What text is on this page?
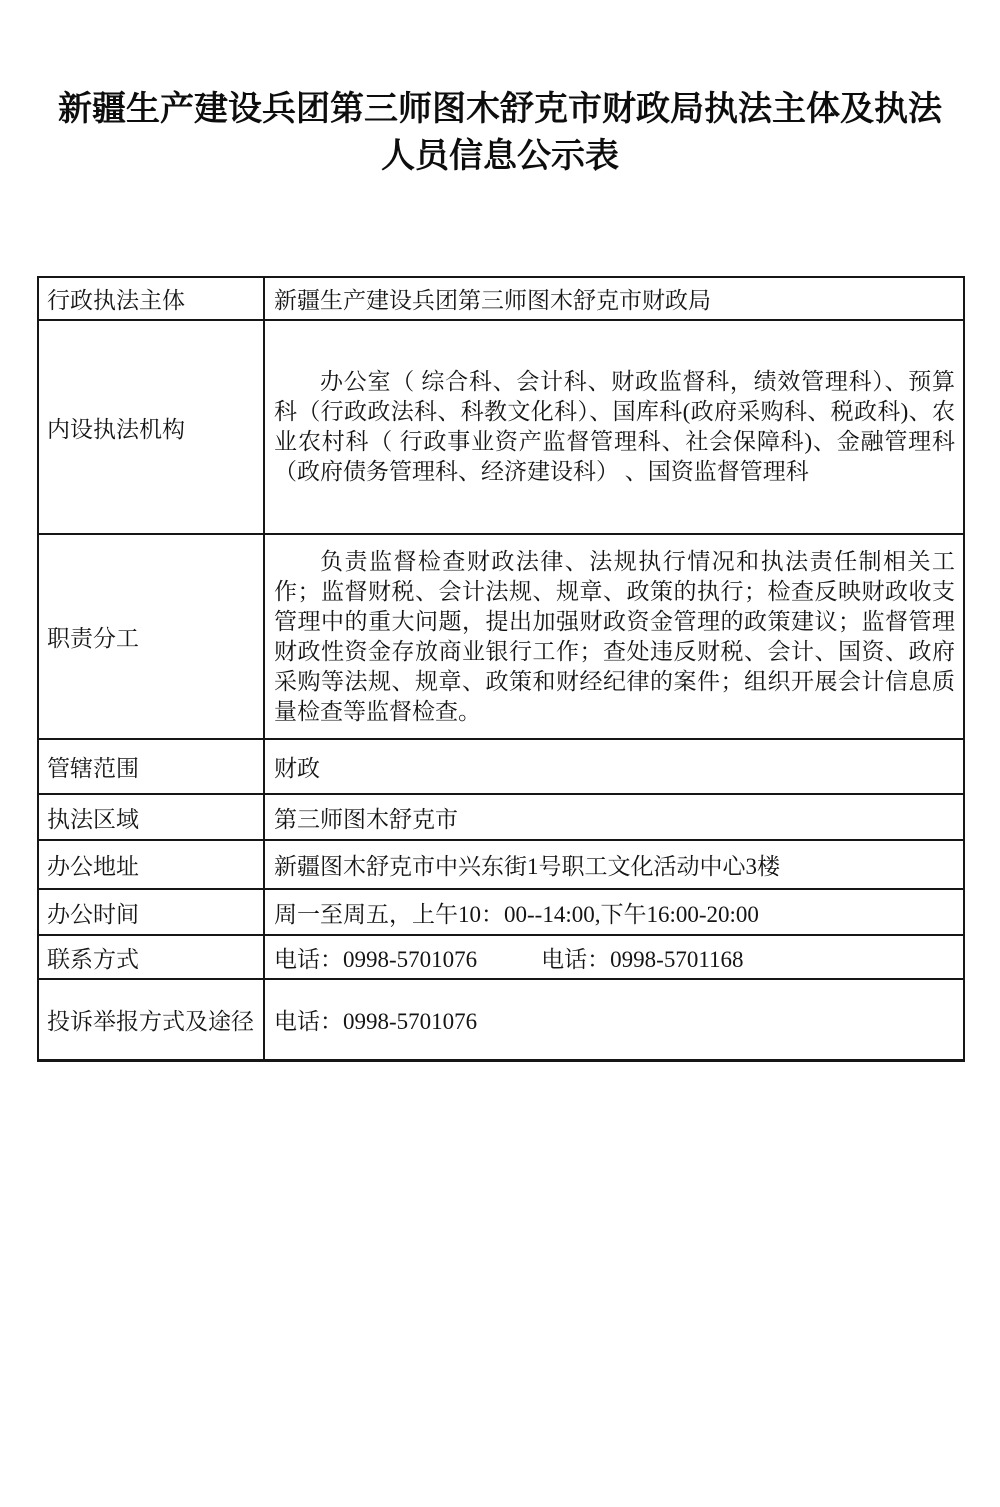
新疆生产建设兵团第三师图木舒克市财政局执法主体及执法
人员信息公示表
行政执法主体	新疆生产建设兵团第三师图木舒克市财政局
内设执法机构	办公室（ 综合科、会计科、财政监督科，绩效管理科）、预算科（行政政法科、科教文化科）、国库科(政府采购科、税政科)、农业农村科（ 行政事业资产监督管理科、社会保障科)、金融管理科（政府债务管理科、经济建设科） 、国资监督管理科

职责分工	负责监督检查财政法律、法规执行情况和执法责任制相关工作；监督财税、会计法规、规章、政策的执行；检查反映财政收支管理中的重大问题，提出加强财政资金管理的政策建议；监督管理财政性资金存放商业银行工作；查处违反财税、会计、国资、政府采购等法规、规章、政策和财经纪律的案件；组织开展会计信息质量检查等监督检查。

管辖范围	财政
执法区域	第三师图木舒克市
办公地址	新疆图木舒克市中兴东街1号职工文化活动中心3楼
办公时间	周一至周五，上午10：00--14:00,下午16:00-20:00
联系方式	电话：0998-5701076 电话：0998-5701168
投诉举报方式及途径	电话：0998-5701076
